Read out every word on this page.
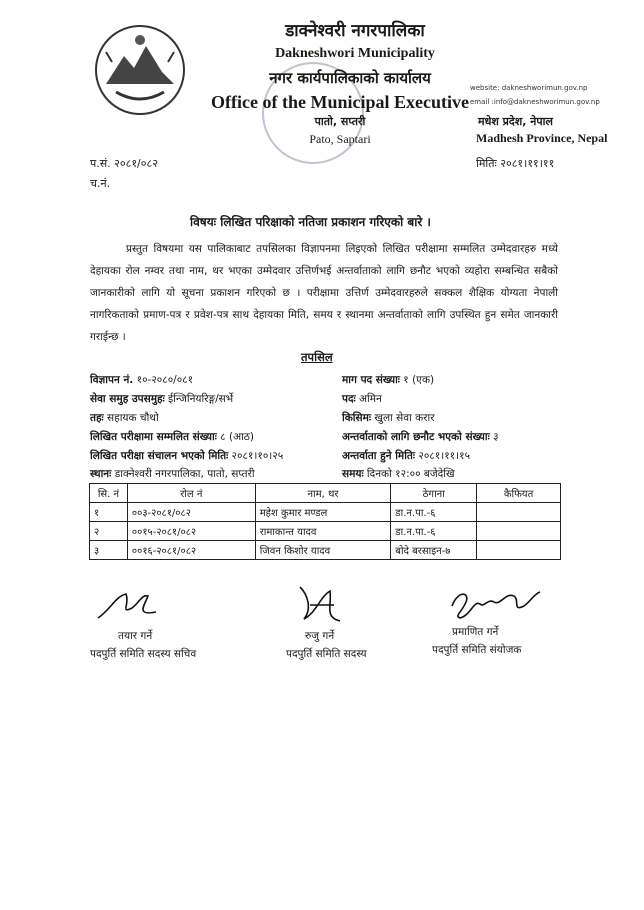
डाक्नेश्वरी नगरपालिका
Dakneshwori Municipality
नगर कार्यपालिकाको कार्यालय
Office of the Municipal Executive
पातो, सप्तरी
Pato, Saptari
website: dakneshworimun.gov.np
email :info@dakneshworimun.gov.np
मधेश प्रदेश, नेपाल
Madhesh Province, Nepal
प.सं. २०८१/०८२
च.नं.
मितिः २०८१।११।११
विषयः लिखित परिक्षाको नतिजा प्रकाशन गरिएको बारे ।
प्रस्तुत विषयमा यस पालिकाबाट तपसिलका विज्ञापनमा लिइएको लिखित परीक्षामा सम्मलित उम्मेदवारहरु मध्ये देहायका रोल नम्वर तथा नाम, थर भएका उम्मेदवार उत्तिर्णभई अन्तर्वाताको लागि छनौट भएको व्यहोरा सम्बन्धित सबैको जानकारीको लागि यो सूचना प्रकाशन गरिएको छ । परीक्षामा उत्तिर्ण उम्मेदवारहरुले सक्कल शैक्षिक योग्यता नेपाली नागरिकताको प्रमाण-पत्र र प्रवेश-पत्र साथ देहायका मिति, समय र स्थानमा अन्तर्वाताको लागि उपस्थित हुन समेत जानकारी गराईन्छ ।
तपसिल
विज्ञापन नं. १०-२०८०/०८१
सेवा समुह उपसमुहः ईन्जिनियरिङ्ग/सर्भे
तहः सहायक चौथो
लिखित परीक्षामा सम्मलित संख्याः ८ (आठ)
लिखित परीक्षा संचालन भएको मितिः २०८१।१०।२५
स्थानः डाक्नेश्वरी नगरपालिका, पातो, सप्तरी
माग पद संख्याः १ (एक)
पदः अमिन
किसिमः खुला सेवा करार
अन्तर्वाताको लागि छनौट भएको संख्याः ३
अन्तर्वाता हुने मितिः २०८१।११।१५
समयः दिनको १२:०० बजेदेखि
सि. नं	रोल नं	नाम, थर	ठेगाना	कैफियत
१	००३-२०८१/०८२	महेश कुमार मण्डल	डा.न.पा.-६	
२	००१५-२०८१/०८२	रामाकान्त यादव	डा.न.पा.-६	
३	००१६-२०८१/०८२	जिवन किशोर यादव	बोदे बरसाइन-७	
तयार गर्ने
पदपुर्ति समिति सदस्य सचिव
रुजु गर्ने
पदपुर्ति समिति सदस्य
प्रमाणित गर्ने
पदपुर्ति समिति संयोजक
